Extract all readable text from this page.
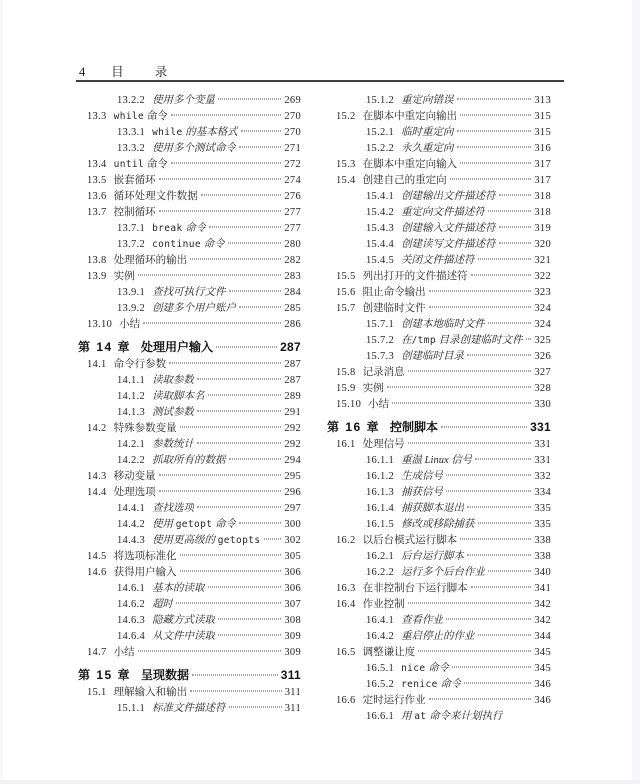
4 目 录
13.2.2 使用多个变量	269
13.3 while 命令	270
13.3.1 while 的基本格式	270
13.3.2 使用多个测试命令	271
13.4 until 命令	272
13.5 嵌套循环	274
13.6 循环处理文件数据	276
13.7 控制循环	277
13.7.1 break 命令	277
13.7.2 continue 命令	280
13.8 处理循环的输出	282
13.9 实例	283
13.9.1 查找可执行文件	284
13.9.2 创建多个用户账户	285
13.10 小结	286
第 14 章 处理用户输入	287
14.1 命令行参数	287
14.1.1 读取参数	287
14.1.2 读取脚本名	289
14.1.3 测试参数	291
14.2 特殊参数变量	292
14.2.1 参数统计	292
14.2.2 抓取所有的数据	294
14.3 移动变量	295
14.4 处理选项	296
14.4.1 查找选项	297
14.4.2 使用 getopt 命令	300
14.4.3 使用更高级的 getopts 302
14.5 将选项标准化	305
14.6 获得用户输入	306
14.6.1 基本的读取	306
14.6.2 超时	307
14.6.3 隐藏方式读取	308
14.6.4 从文件中读取	309
14.7 小结	309
第 15 章 呈现数据	311
15.1 理解输入和输出	311
15.1.1 标准文件描述符	311
15.1.2 重定向错误	313
15.2 在脚本中重定向输出	315
15.2.1 临时重定向	315
15.2.2 永久重定向	316
15.3 在脚本中重定向输入	317
15.4 创建自己的重定向	317
15.4.1 创建输出文件描述符	318
15.4.2 重定向文件描述符	318
15.4.3 创建输入文件描述符	319
15.4.4 创建读写文件描述符	320
15.4.5 关闭文件描述符	321
15.5 列出打开的文件描述符	322
15.6 阻止命令输出	323
15.7 创建临时文件	324
15.7.1 创建本地临时文件	324
15.7.2 在/tmp 目录创建临时文件 325
15.7.3 创建临时目录	326
15.8 记录消息	327
15.9 实例	328
15.10 小结	330
第 16 章 控制脚本	331
16.1 处理信号	331
16.1.1 重温 Linux 信号	331
16.1.2 生成信号	332
16.1.3 捕获信号	334
16.1.4 捕获脚本退出	335
16.1.5 修改或移除捕获	335
16.2 以后台模式运行脚本	338
16.2.1 后台运行脚本	338
16.2.2 运行多个后台作业	340
16.3 在非控制台下运行脚本	341
16.4 作业控制	342
16.4.1 查看作业	342
16.4.2 重启停止的作业	344
16.5 调整谦让度	345
16.5.1 nice 命令	345
16.5.2 renice 命令	346
16.6 定时运行作业	346
16.6.1 用 at 命令来计划执行
